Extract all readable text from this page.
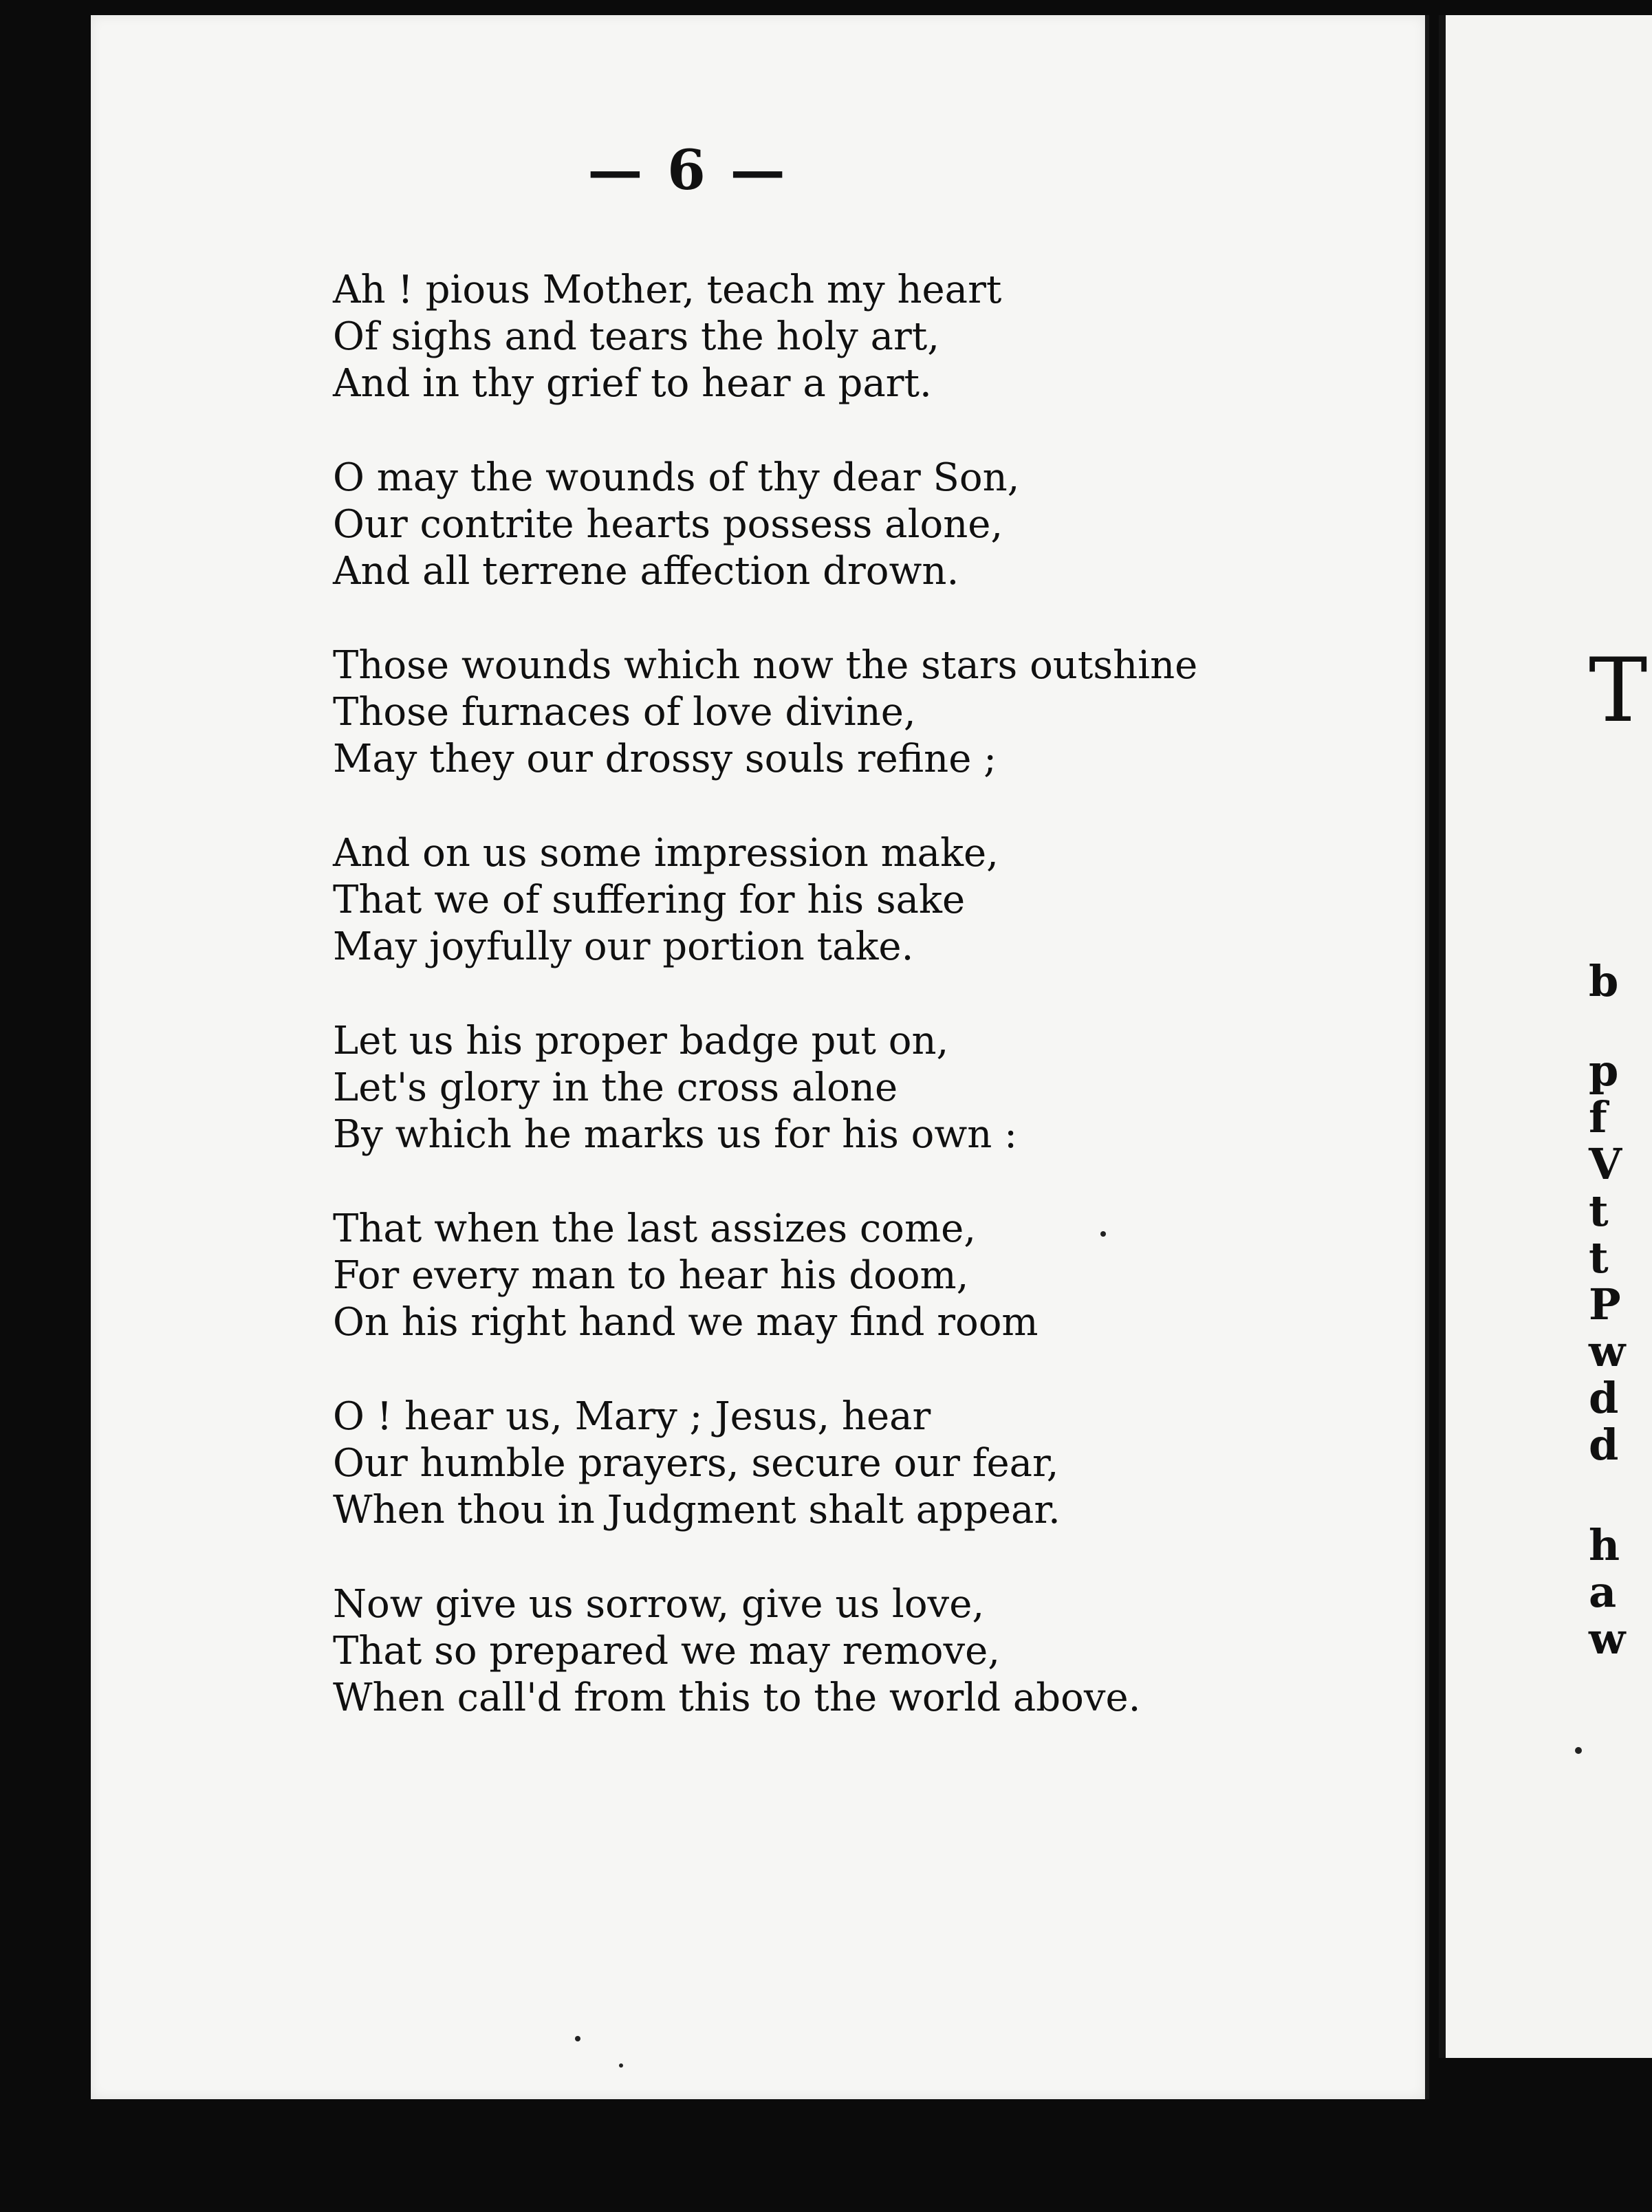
— 6 —
Ah ! pious Mother, teach my heart
Of sighs and tears the holy art,
And in thy grief to hear a part.
O may the wounds of thy dear Son,
Our contrite hearts possess alone,
And all terrene affection drown.
Those wounds which now the stars outshine
Those furnaces of love divine,
May they our drossy souls refine ;
And on us some impression make,
That we of suffering for his sake
May joyfully our portion take.
Let us his proper badge put on,
Let's glory in the cross alone
By which he marks us for his own :
That when the last assizes come,
For every man to hear his doom,
On his right hand we may find room
O ! hear us, Mary ; Jesus, hear
Our humble prayers, secure our fear,
When thou in Judgment shalt appear.
Now give us sorrow, give us love,
That so prepared we may remove,
When call'd from this to the world above.
T
b
p
f
V
t
t
P
w
d
d
h
a
w
